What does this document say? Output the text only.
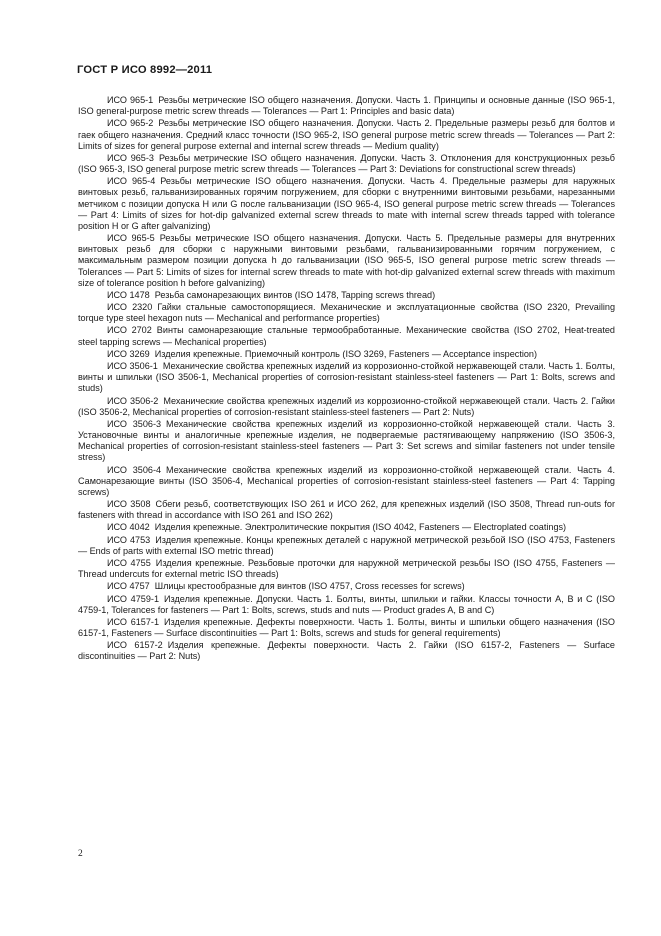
ГОСТ Р ИСО 8992—2011

ИСО 965-1 Резьбы метрические ISO общего назначения. Допуски. Часть 1. Принципы и основные данные (ISO 965-1, ISO general-purpose metric screw threads — Tolerances — Part 1: Principles and basic data)

ИСО 965-2 Резьбы метрические ISO общего назначения. Допуски. Часть 2. Предельные размеры резьб для болтов и гаек общего назначения. Средний класс точности (ISO 965-2, ISO general purpose metric screw threads — Tolerances — Part 2: Limits of sizes for general purpose external and internal screw threads — Medium quality)

ИСО 965-3 Резьбы метрические ISO общего назначения. Допуски. Часть 3. Отклонения для конструкционных резьб (ISO 965-3, ISO general purpose metric screw threads — Tolerances — Part 3: Deviations for constructional screw threads)

ИСО 965-4 Резьбы метрические ISO общего назначения. Допуски. Часть 4. Предельные размеры для наружных винтовых резьб, гальванизированных горячим погружением, для сборки с внутренними винтовыми резьбами, нарезанными метчиком с позиции допуска H или G после гальванизации (ISO 965-4, ISO general purpose metric screw threads — Tolerances — Part 4: Limits of sizes for hot-dip galvanized external screw threads to mate with internal screw threads tapped with tolerance position H or G after galvanizing)

ИСО 965-5 Резьбы метрические ISO общего назначения. Допуски. Часть 5. Предельные размеры для внутренних винтовых резьб для сборки с наружными винтовыми резьбами, гальванизированными горячим погружением, с максимальным размером позиции допуска h до гальванизации (ISO 965-5, ISO general purpose metric screw threads — Tolerances — Part 5: Limits of sizes for internal screw threads to mate with hot-dip galvanized external screw threads with maximum size of tolerance position h before galvanizing)

ИСО 1478 Резьба самонарезающих винтов (ISO 1478, Tapping screws thread)

ИСО 2320 Гайки стальные самостопорящиеся. Механические и эксплуатационные свойства (ISO 2320, Prevailing torque type steel hexagon nuts — Mechanical and performance properties)

ИСО 2702 Винты самонарезающие стальные термообработанные. Механические свойства (ISO 2702, Heat-treated steel tapping screws — Mechanical properties)

ИСО 3269 Изделия крепежные. Приемочный контроль (ISO 3269, Fasteners — Acceptance inspection)

ИСО 3506-1 Механические свойства крепежных изделий из коррозионно-стойкой нержавеющей стали. Часть 1. Болты, винты и шпильки (ISO 3506-1, Mechanical properties of corrosion-resistant stainless-steel fasteners — Part 1: Bolts, screws and studs)

ИСО 3506-2 Механические свойства крепежных изделий из коррозионно-стойкой нержавеющей стали. Часть 2. Гайки (ISO 3506-2, Mechanical properties of corrosion-resistant stainless-steel fasteners — Part 2: Nuts)

ИСО 3506-3 Механические свойства крепежных изделий из коррозионно-стойкой нержавеющей стали. Часть 3. Установочные винты и аналогичные крепежные изделия, не подвергаемые растягивающему напряжению (ISO 3506-3, Mechanical properties of corrosion-resistant stainless-steel fasteners — Part 3: Set screws and similar fasteners not under tensile stress)

ИСО 3506-4 Механические свойства крепежных изделий из коррозионно-стойкой нержавеющей стали. Часть 4. Самонарезающие винты (ISO 3506-4, Mechanical properties of corrosion-resistant stainless-steel fasteners — Part 4: Tapping screws)

ИСО 3508 Сбеги резьб, соответствующих ISO 261 и ИСО 262, для крепежных изделий (ISO 3508, Thread run-outs for fasteners with thread in accordance with ISO 261 and ISO 262)

ИСО 4042 Изделия крепежные. Электролитические покрытия (ISO 4042, Fasteners — Electroplated coatings)

ИСО 4753 Изделия крепежные. Концы крепежных деталей с наружной метрической резьбой ISO (ISO 4753, Fasteners — Ends of parts with external ISO metric thread)

ИСО 4755 Изделия крепежные. Резьбовые проточки для наружной метрической резьбы ISO (ISO 4755, Fasteners — Thread undercuts for external metric ISO threads)

ИСО 4757 Шлицы крестообразные для винтов (ISO 4757, Cross recesses for screws)

ИСО 4759-1 Изделия крепежные. Допуски. Часть 1. Болты, винты, шпильки и гайки. Классы точности А, В и С (ISO 4759-1, Tolerances for fasteners — Part 1: Bolts, screws, studs and nuts — Product grades A, B and C)

ИСО 6157-1 Изделия крепежные. Дефекты поверхности. Часть 1. Болты, винты и шпильки общего назначения (ISO 6157-1, Fasteners — Surface discontinuities — Part 1: Bolts, screws and studs for general requirements)

ИСО 6157-2 Изделия крепежные. Дефекты поверхности. Часть 2. Гайки (ISO 6157-2, Fasteners — Surface discontinuities — Part 2: Nuts)

2
